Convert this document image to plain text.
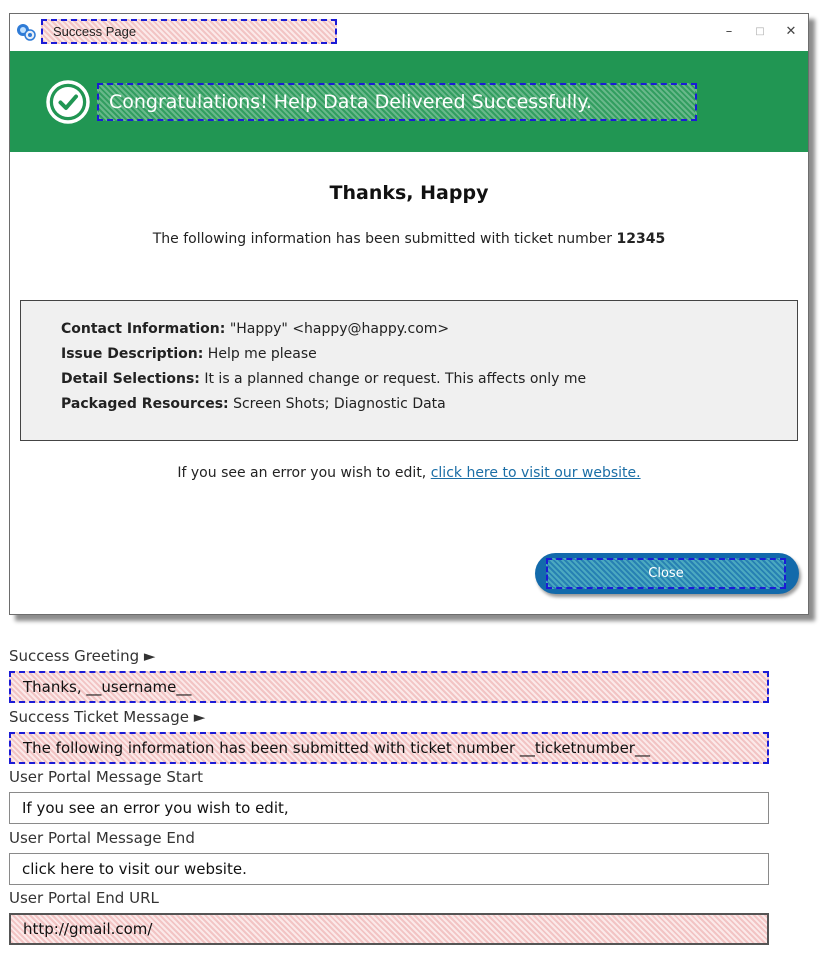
Success Page	–	□	✕
Congratulations! Help Data Delivered Successfully.
Thanks, Happy
The following information has been submitted with ticket number 12345
Contact Information: "Happy" <happy@happy.com>
Issue Description: Help me please
Detail Selections: It is a planned change or request. This affects only me
Packaged Resources: Screen Shots; Diagnostic Data
If you see an error you wish to edit, click here to visit our website.
Close
Success Greeting ►
Thanks, __username__
Success Ticket Message ►
The following information has been submitted with ticket number __ticketnumber__
User Portal Message Start
If you see an error you wish to edit,
User Portal Message End
click here to visit our website.
User Portal End URL
http://gmail.com/
